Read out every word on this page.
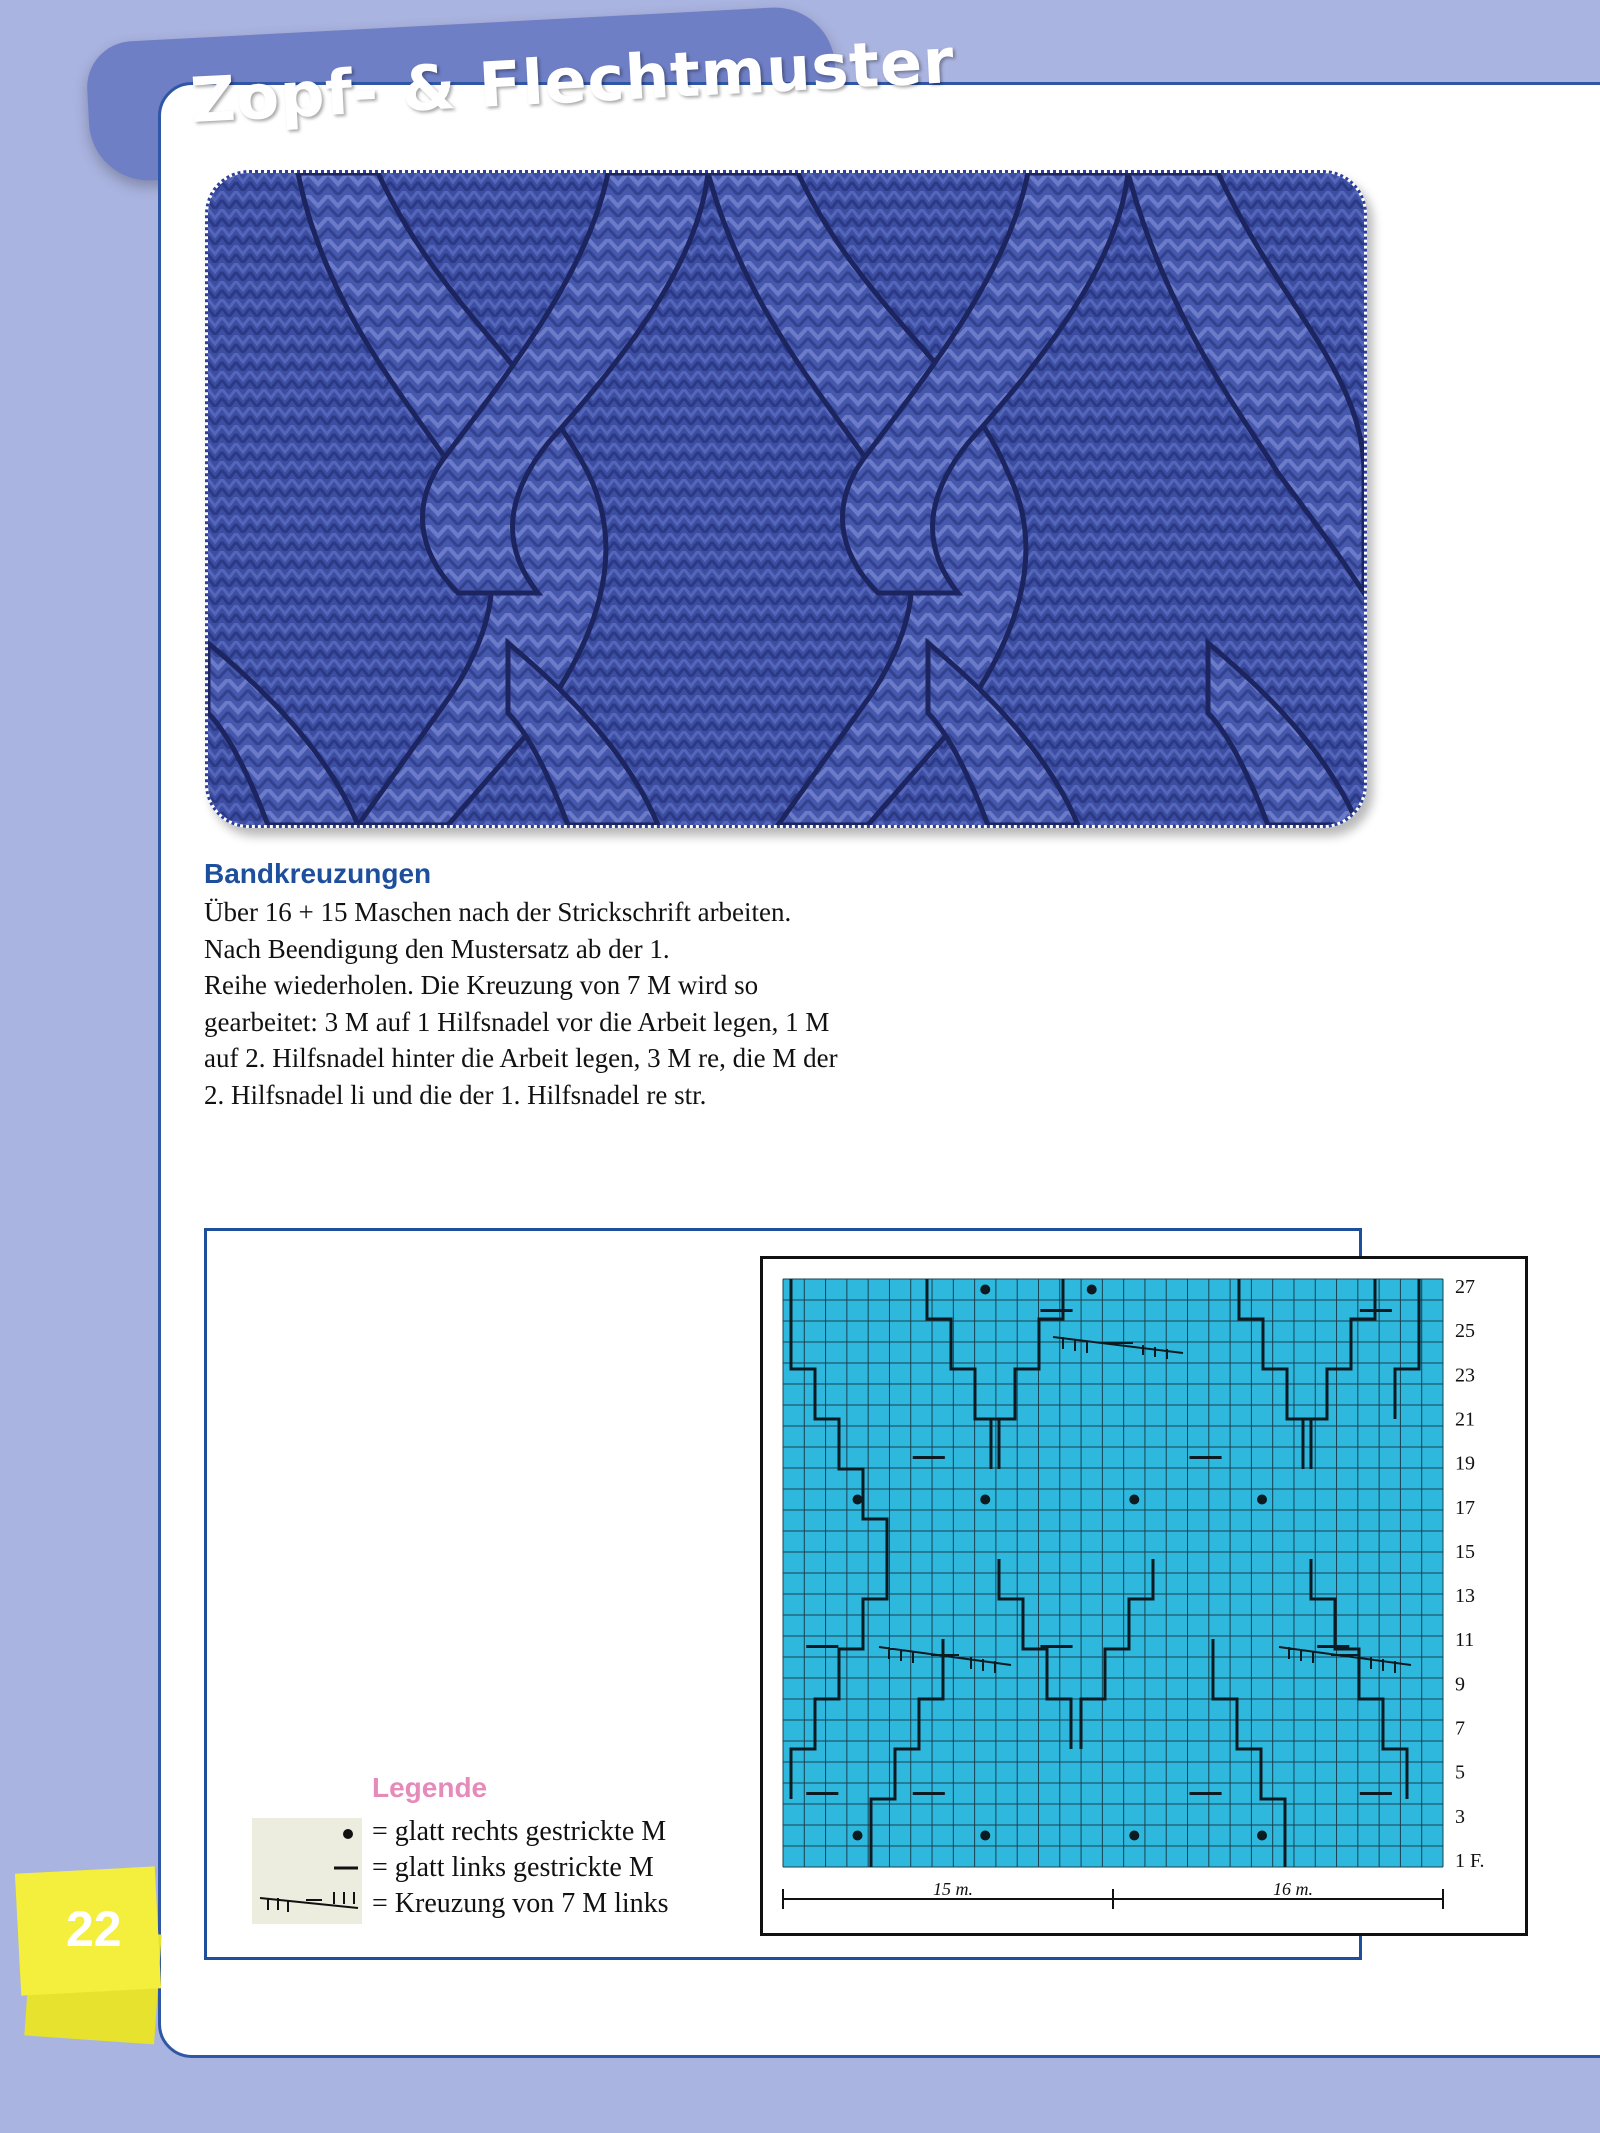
Zopf- & Flechtmuster
Bandkreuzungen
Über 16 + 15 Maschen nach der Strickschrift arbeiten.
Nach Beendigung den Mustersatz ab der 1.
Reihe wiederholen. Die Kreuzung von 7 M wird so
gearbeitet: 3 M auf 1 Hilfsnadel vor die Arbeit legen, 1 M
auf 2. Hilfsnadel hinter die Arbeit legen, 3 M re, die M der
2. Hilfsnadel li und die der 1. Hilfsnadel re str.
27
25
23
21
19
17
15
13
11
9
7
5
3
1 F.
15 m.	16 m.
Legende
= glatt rechts gestrickte M
= glatt links gestrickte M
= Kreuzung von 7 M links
22
